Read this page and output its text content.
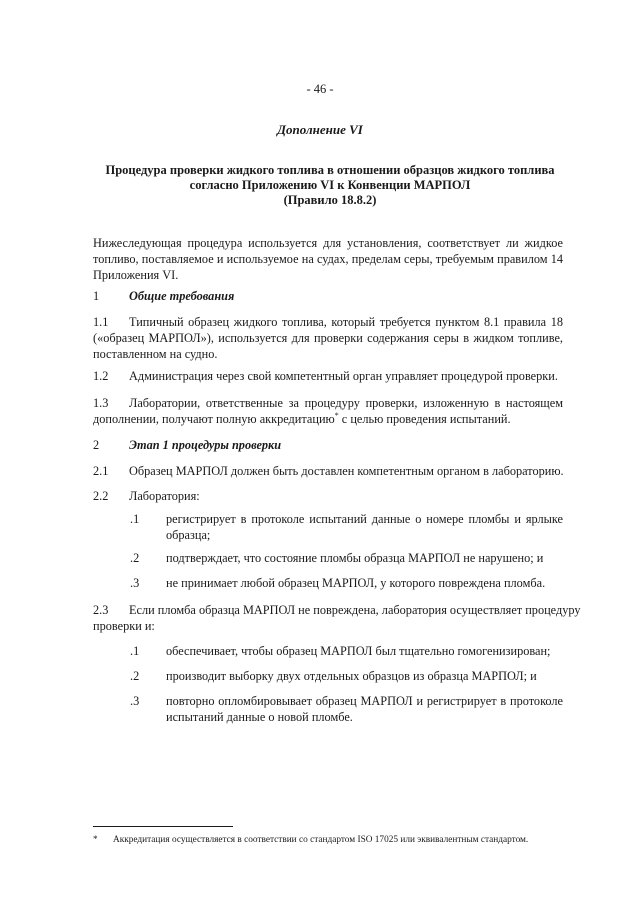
- 46 -
Дополнение VI
Процедура проверки жидкого топлива в отношении образцов жидкого топлива
согласно Приложению VI к Конвенции МАРПОЛ
(Правило 18.8.2)
Нижеследующая процедура используется для установления, соответствует ли жидкое
топливо, поставляемое и используемое на судах, пределам серы, требуемым правилом 14
Приложения VI.
1 Общие требования
1.1 Типичный образец жидкого топлива, который требуется пунктом 8.1 правила 18
(«образец МАРПОЛ»), используется для проверки содержания серы в жидком топливе,
поставленном на судно.
1.2 Администрация через свой компетентный орган управляет процедурой проверки.
1.3 Лаборатории, ответственные за процедуру проверки, изложенную в настоящем
дополнении, получают полную аккредитацию* с целью проведения испытаний.
2 Этап 1 процедуры проверки
2.1 Образец МАРПОЛ должен быть доставлен компетентным органом в лабораторию.
2.2 Лаборатория:
.1 регистрирует в протоколе испытаний данные о номере пломбы и ярлыке
образца;
.2 подтверждает, что состояние пломбы образца МАРПОЛ не нарушено; и
.3 не принимает любой образец МАРПОЛ, у которого повреждена пломба.
2.3 Если пломба образца МАРПОЛ не повреждена, лаборатория осуществляет процедуру
проверки и:
.1 обеспечивает, чтобы образец МАРПОЛ был тщательно гомогенизирован;
.2 производит выборку двух отдельных образцов из образца МАРПОЛ; и
.3 повторно опломбировывает образец МАРПОЛ и регистрирует в протоколе
испытаний данные о новой пломбе.
* Аккредитация осуществляется в соответствии со стандартом ISO 17025 или эквивалентным стандартом.
